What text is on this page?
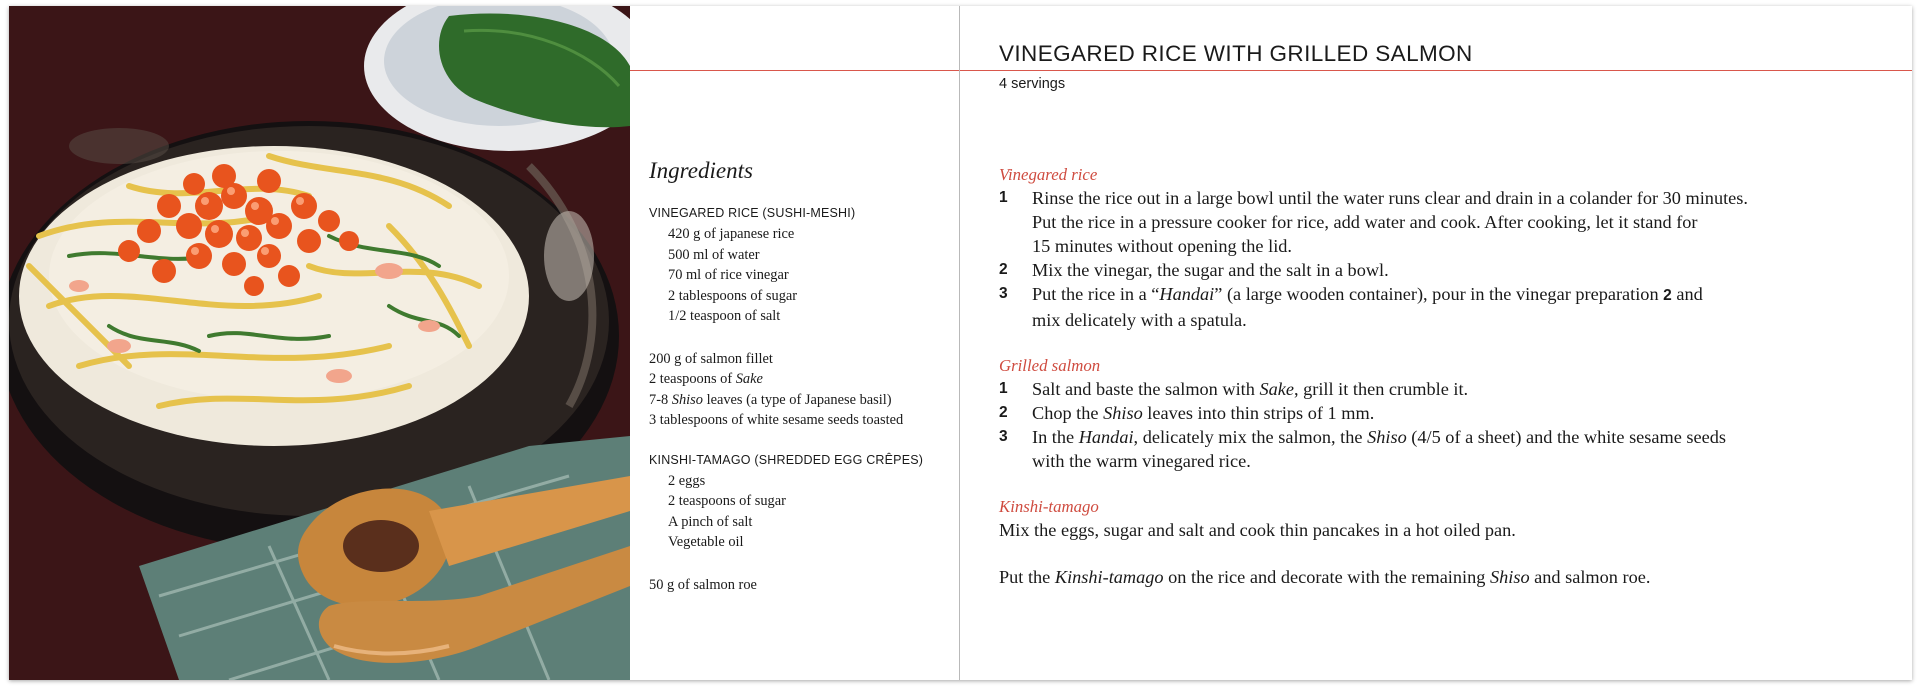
Ingredients
VINEGARED RICE (SUSHI-MESHI)
420 g of japanese rice
500 ml of water
70 ml of rice vinegar
2 tablespoons of sugar
1/2 teaspoon of salt
200 g of salmon fillet
2 teaspoons of Sake
7-8 Shiso leaves (a type of Japanese basil)
3 tablespoons of white sesame seeds toasted
KINSHI-TAMAGO (SHREDDED EGG CRÊPES)
2 eggs
2 teaspoons of sugar
A pinch of salt
Vegetable oil
50 g of salmon roe
VINEGARED RICE WITH GRILLED SALMON
4 servings
Vinegared rice
1 Rinse the rice out in a large bowl until the water runs clear and drain in a colander for 30 minutes.
Put the rice in a pressure cooker for rice, add water and cook. After cooking, let it stand for
15 minutes without opening the lid.
2 Mix the vinegar, the sugar and the salt in a bowl.
3 Put the rice in a “Handai” (a large wooden container), pour in the vinegar preparation 2 and
mix delicately with a spatula.
Grilled salmon
1 Salt and baste the salmon with Sake, grill it then crumble it.
2 Chop the Shiso leaves into thin strips of 1 mm.
3 In the Handai, delicately mix the salmon, the Shiso (4/5 of a sheet) and the white sesame seeds
with the warm vinegared rice.
Kinshi-tamago
Mix the eggs, sugar and salt and cook thin pancakes in a hot oiled pan.
Put the Kinshi-tamago on the rice and decorate with the remaining Shiso and salmon roe.
